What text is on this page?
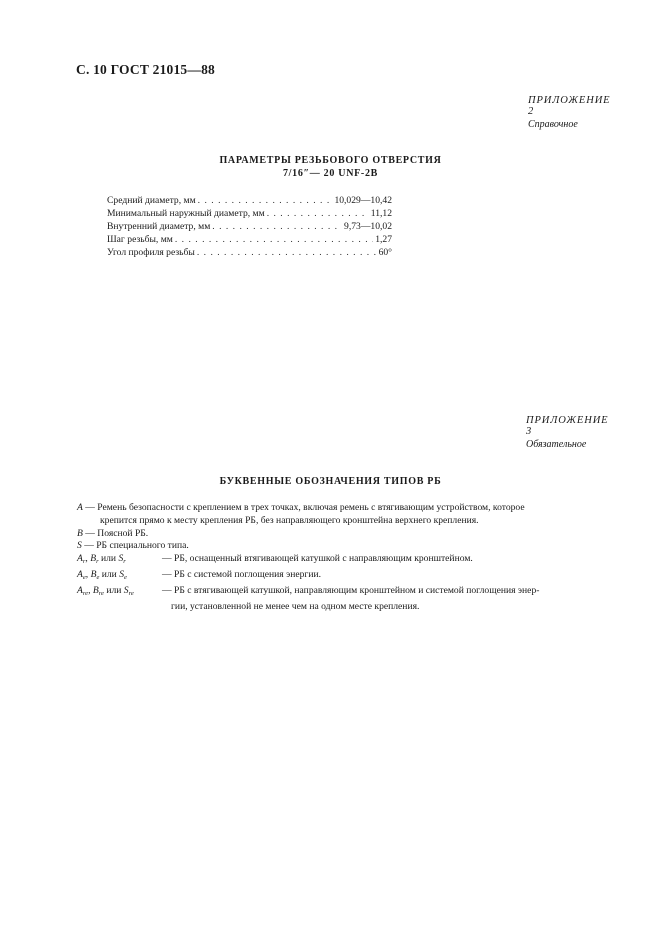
С. 10 ГОСТ 21015—88
ПРИЛОЖЕНИЕ 2
Справочное
ПАРАМЕТРЫ РЕЗЬБОВОГО ОТВЕРСТИЯ
7/16″— 20 UNF-2B
Средний диаметр, мм . . .	10,029—10,42
Минимальный наружный диаметр, мм . . .	11,12
Внутренний диаметр, мм . . .	9,73—10,02
Шаг резьбы, мм . . .	1,27
Угол профиля резьбы . . .	60°
ПРИЛОЖЕНИЕ 3
Обязательное
БУКВЕННЫЕ ОБОЗНАЧЕНИЯ ТИПОВ РБ
A — Ремень безопасности с креплением в трех точках, включая ремень с втягивающим устройством, которое
крепится прямо к месту крепления РБ, без направляющего кронштейна верхнего крепления.
B — Поясной РБ.
S — РБ специального типа.
$A_r$, $B_r$ или $S_r$	— РБ, оснащенный втягивающей катушкой с направляющим кронштейном.
$A_e$, $B_e$ или $S_e$	— РБ с системой поглощения энергии.
$A_{re}$, $B_{re}$ или $S_{re}$	— РБ с втягивающей катушкой, направляющим кронштейном и системой поглощения энер-
гии, установленной не менее чем на одном месте крепления.
